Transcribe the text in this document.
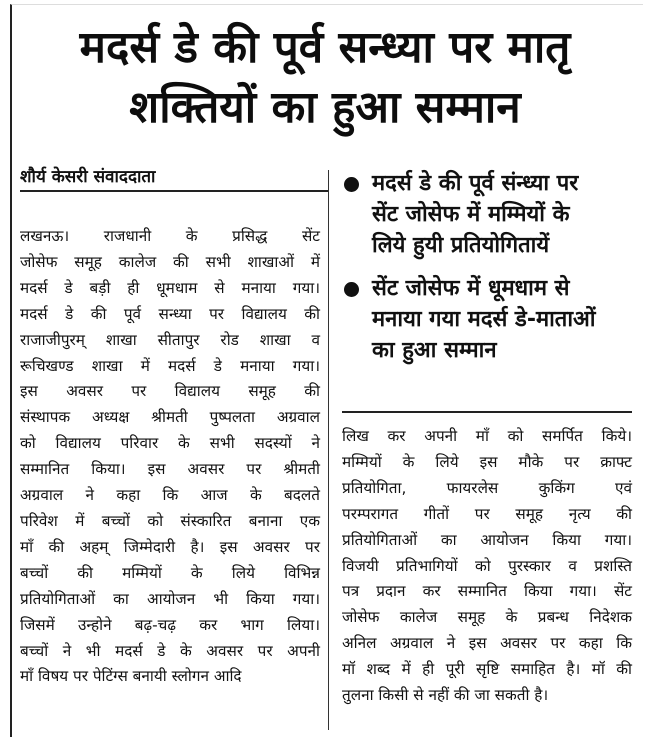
मदर्स डे की पूर्व सन्ध्या पर मातृ
शक्तियों का हुआ सम्मान
शौर्य केसरी संवाददाता	मदर्स डे की पूर्व संन्ध्या पर
सेंट जोसेफ में मम्मियों के
लिये हुयी प्रतियोगितायें
सेंट जोसेफ में धूमधाम से
मनाया गया मदर्स डे-माताओं
का हुआ सम्मान
लखनऊ। राजधानी के प्रसिद्ध सेंट
जोसेफ समूह कालेज की सभी शाखाओं में
मदर्स डे बड़ी ही धूमधाम से मनाया गया।
मदर्स डे की पूर्व सन्ध्या पर विद्यालय की
राजाजीपुरम् शाखा सीतापुर रोड शाखा व
रूचिखण्ड शाखा में मदर्स डे मनाया गया।
इस अवसर पर विद्यालय समूह की
संस्थापक अध्यक्ष श्रीमती पुष्पलता अग्रवाल
को विद्यालय परिवार के सभी सदस्यों ने
सम्मानित किया। इस अवसर पर श्रीमती
अग्रवाल ने कहा कि आज के बदलते
परिवेश में बच्चों को संस्कारित बनाना एक
माँ की अहम् जिम्मेदारी है। इस अवसर पर
बच्चों की मम्मियों के लिये विभिन्न
प्रतियोगिताओं का आयोजन भी किया गया।
जिसमें उन्होने बढ़-चढ़ कर भाग लिया।
बच्चों ने भी मदर्स डे के अवसर पर अपनी
माँ विषय पर पेटिंग्स बनायी स्लोगन आदि
लिख कर अपनी माँ को समर्पित किये।
मम्मियों के लिये इस मौके पर क्राफ्ट
प्रतियोगिता, फायरलेस कुकिंग एवं
परम्परागत गीतों पर समूह नृत्य की
प्रतियोगिताओं का आयोजन किया गया।
विजयी प्रतिभागियों को पुरस्कार व प्रशस्ति
पत्र प्रदान कर सम्मानित किया गया। सेंट
जोसेफ कालेज समूह के प्रबन्ध निदेशक
अनिल अग्रवाल ने इस अवसर पर कहा कि
मॉ शब्द में ही पूरी सृष्टि समाहित है। मॉ की
तुलना किसी से नहीं की जा सकती है।
